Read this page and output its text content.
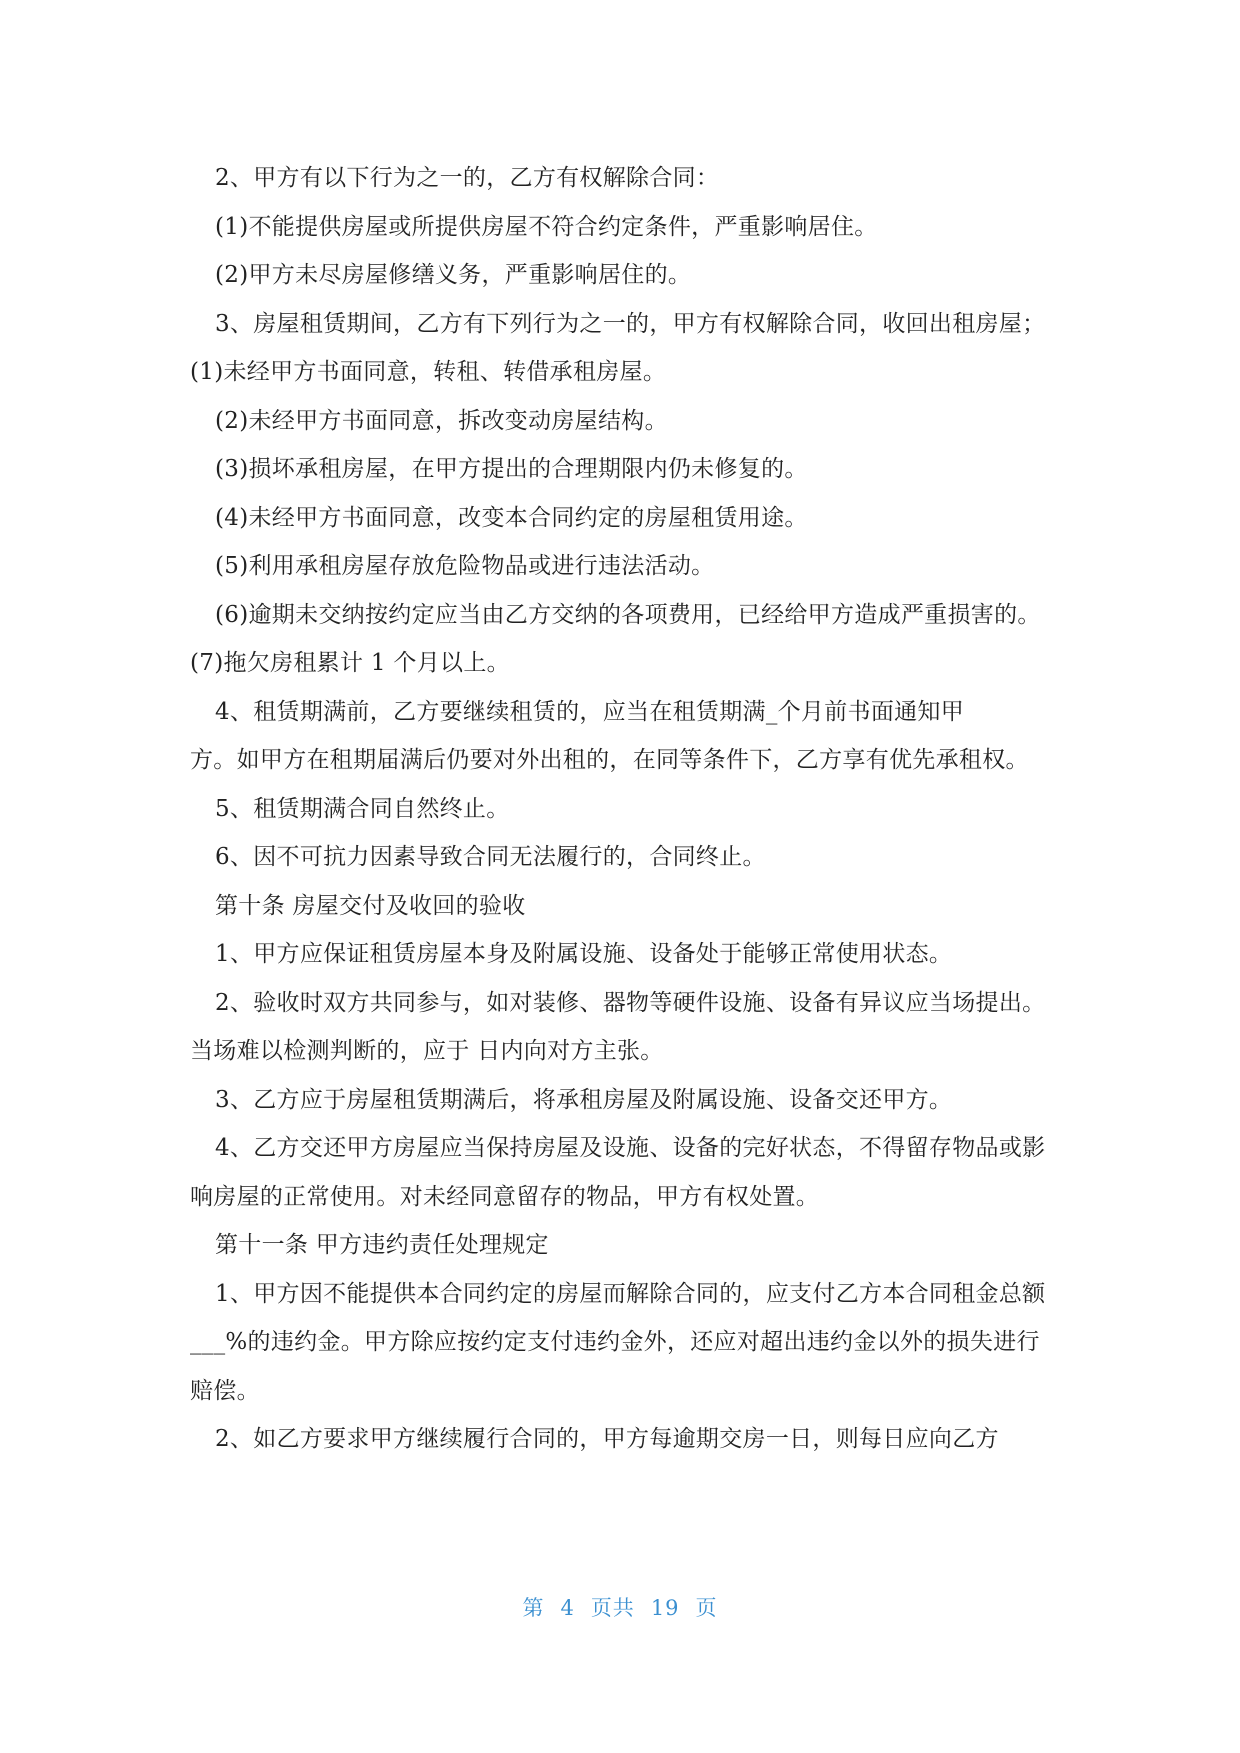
2、甲方有以下行为之一的，乙方有权解除合同：

(1)不能提供房屋或所提供房屋不符合约定条件，严重影响居住。

(2)甲方未尽房屋修缮义务，严重影响居住的。

3、房屋租赁期间，乙方有下列行为之一的，甲方有权解除合同，收回出租房屋；(1)未经甲方书面同意，转租、转借承租房屋。

(2)未经甲方书面同意，拆改变动房屋结构。

(3)损坏承租房屋，在甲方提出的合理期限内仍未修复的。

(4)未经甲方书面同意，改变本合同约定的房屋租赁用途。

(5)利用承租房屋存放危险物品或进行违法活动。

(6)逾期未交纳按约定应当由乙方交纳的各项费用，已经给甲方造成严重损害的。 (7)拖欠房租累计 1 个月以上。

4、租赁期满前，乙方要继续租赁的，应当在租赁期满_个月前书面通知甲
方。如甲方在租期届满后仍要对外出租的，在同等条件下，乙方享有优先承租权。

5、租赁期满合同自然终止。

6、因不可抗力因素导致合同无法履行的，合同终止。

第十条 房屋交付及收回的验收

1、甲方应保证租赁房屋本身及附属设施、设备处于能够正常使用状态。

2、验收时双方共同参与，如对装修、器物等硬件设施、设备有异议应当场提出。当场难以检测判断的，应于 日内向对方主张。

3、乙方应于房屋租赁期满后，将承租房屋及附属设施、设备交还甲方。

4、乙方交还甲方房屋应当保持房屋及设施、设备的完好状态，不得留存物品或影响房屋的正常使用。对未经同意留存的物品，甲方有权处置。

第十一条 甲方违约责任处理规定

1、甲方因不能提供本合同约定的房屋而解除合同的，应支付乙方本合同租金总额___%的违约金。甲方除应按约定支付违约金外，还应对超出违约金以外的损失进行赔偿。

2、如乙方要求甲方继续履行合同的，甲方每逾期交房一日，则每日应向乙方

第 4 页共 19 页
